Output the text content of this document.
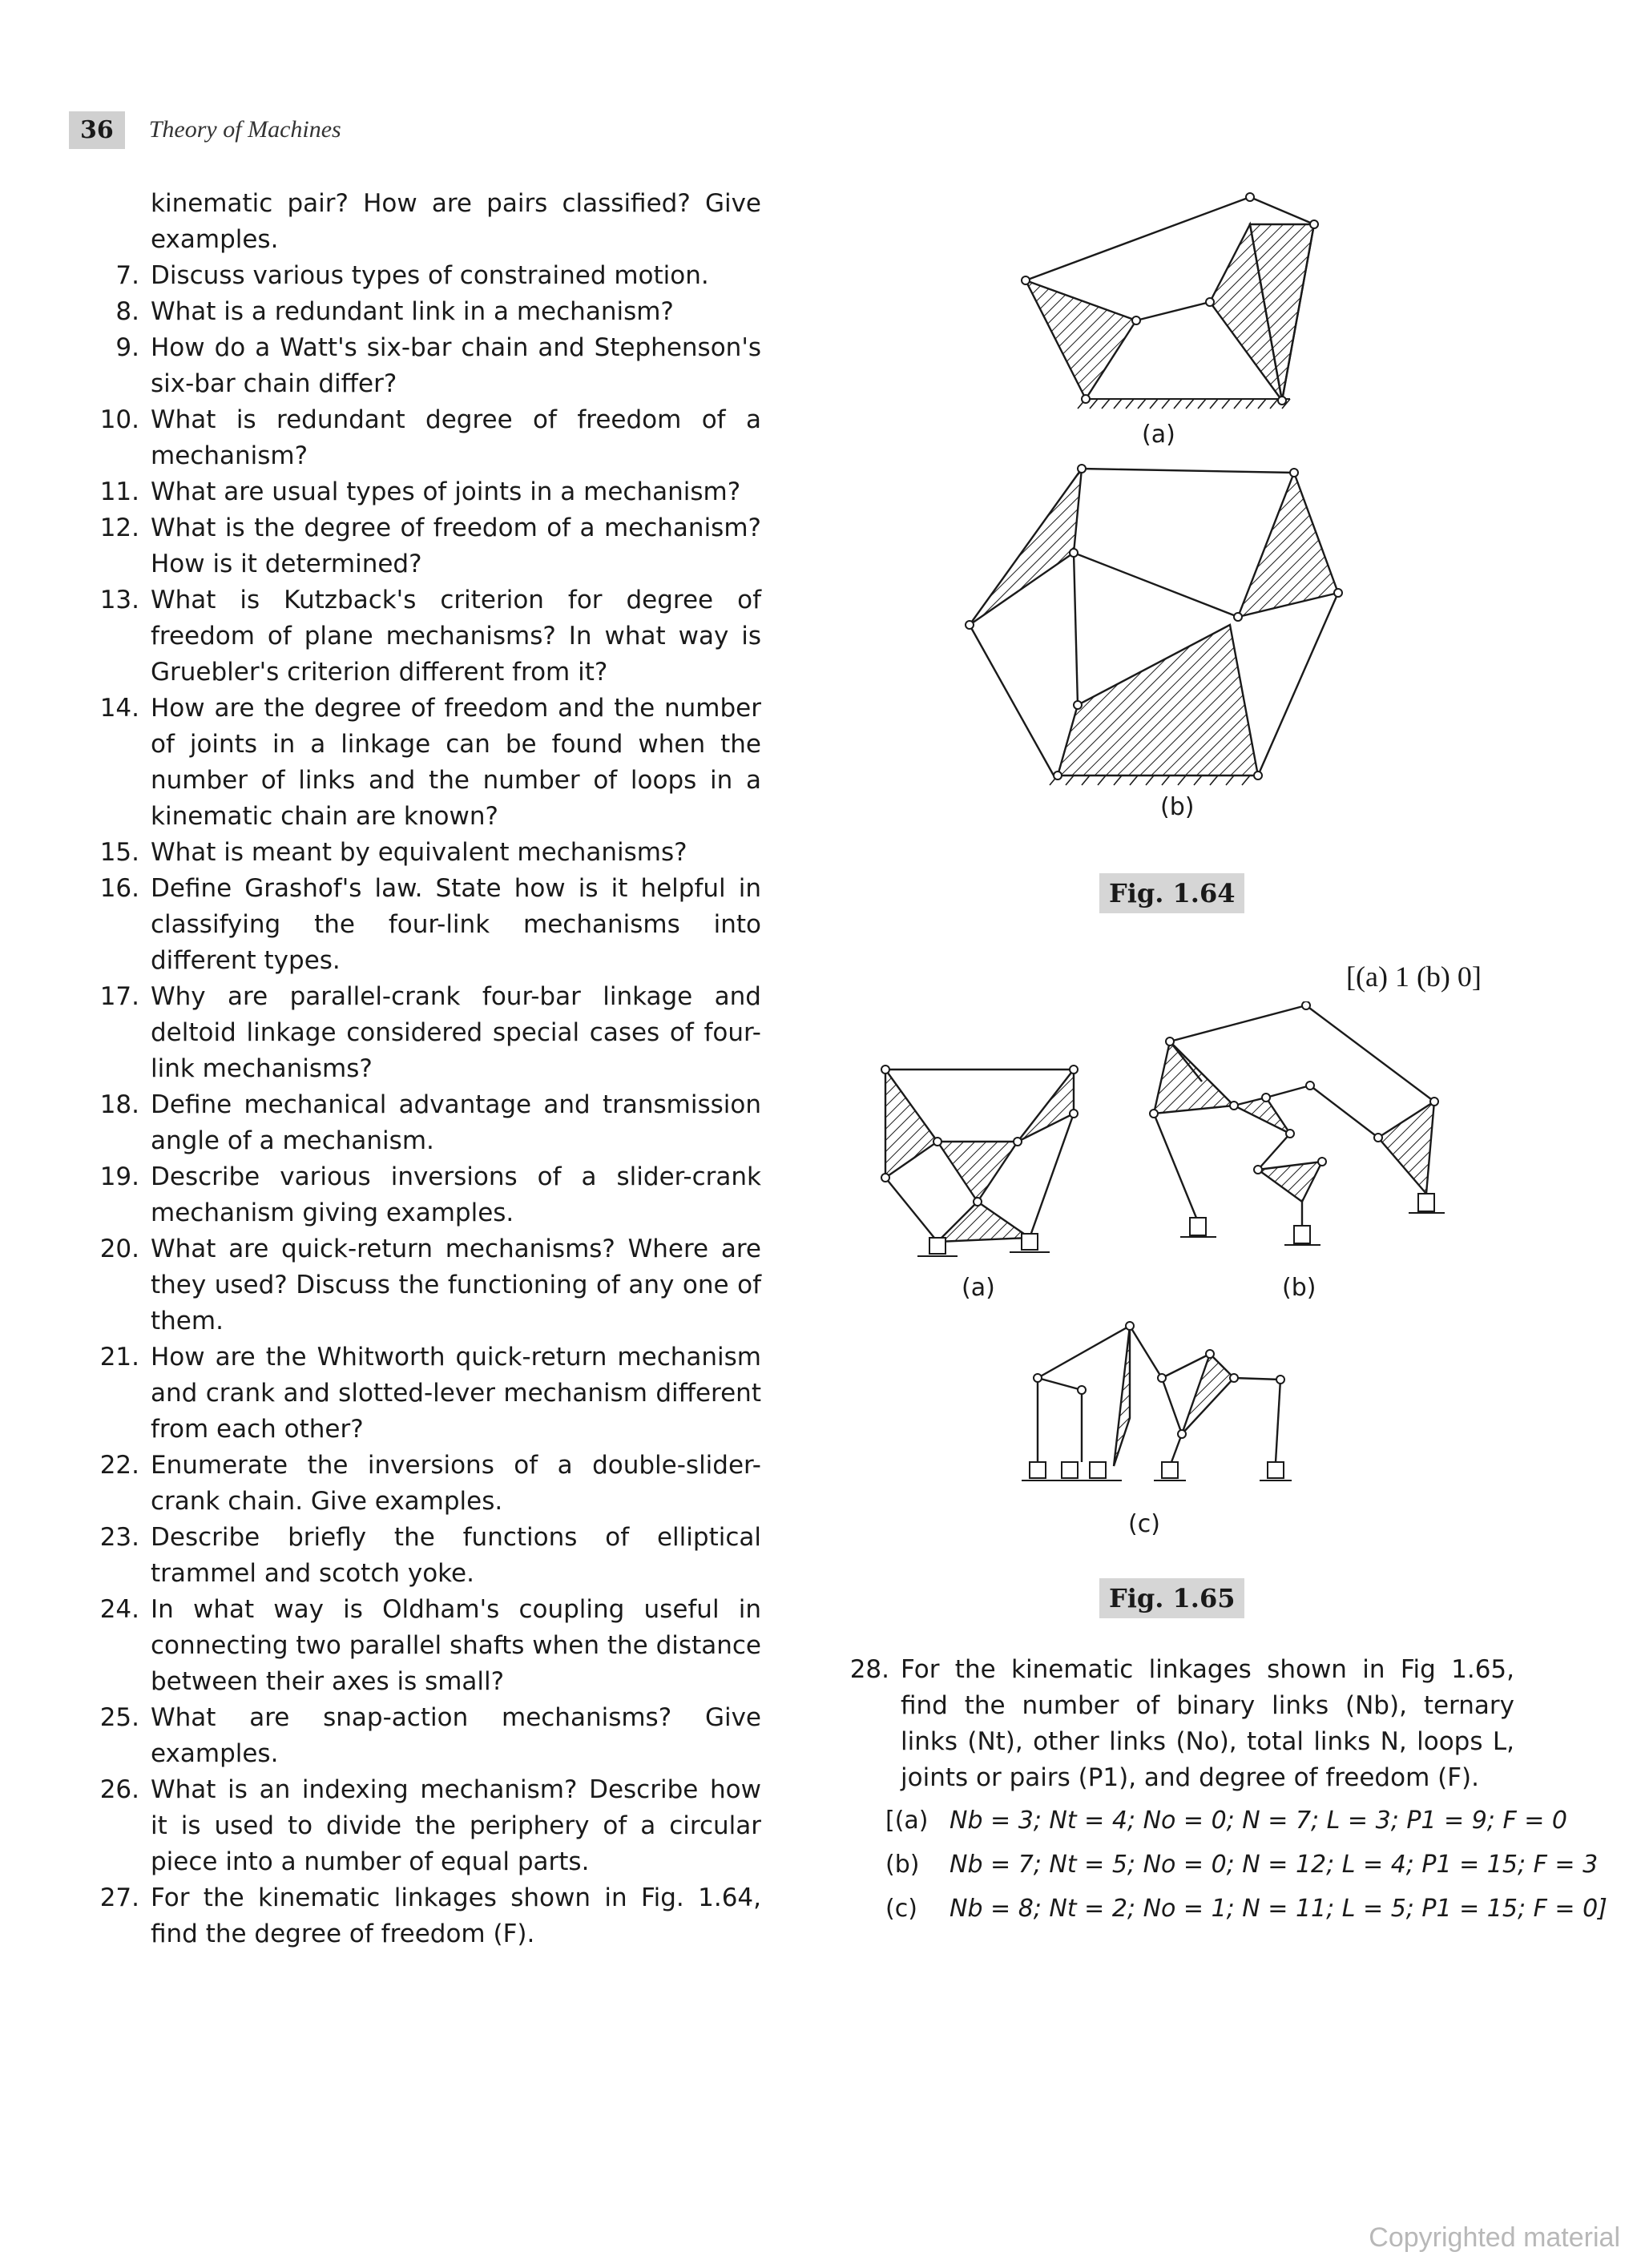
36	Theory of Machines
kinematic pair? How are pairs classified? Give examples.
7. Discuss various types of constrained motion.
8. What is a redundant link in a mechanism?
9. How do a Watt's six-bar chain and Stephenson's six-bar chain differ?
10. What is redundant degree of freedom of a mechanism?
11. What are usual types of joints in a mechanism?
12. What is the degree of freedom of a mechanism? How is it determined?
13. What is Kutzback's criterion for degree of freedom of plane mechanisms? In what way is Gruebler's criterion different from it?
14. How are the degree of freedom and the number of joints in a linkage can be found when the number of links and the number of loops in a kinematic chain are known?
15. What is meant by equivalent mechanisms?
16. Define Grashof's law. State how is it helpful in classifying the four-link mechanisms into different types.
17. Why are parallel-crank four-bar linkage and deltoid linkage considered special cases of four-link mechanisms?
18. Define mechanical advantage and transmission angle of a mechanism.
19. Describe various inversions of a slider-crank mechanism giving examples.
20. What are quick-return mechanisms? Where are they used? Discuss the functioning of any one of them.
21. How are the Whitworth quick-return mechanism and crank and slotted-lever mechanism different from each other?
22. Enumerate the inversions of a double-slider-crank chain. Give examples.
23. Describe briefly the functions of elliptical trammel and scotch yoke.
24. In what way is Oldham's coupling useful in connecting two parallel shafts when the distance between their axes is small?
25. What are snap-action mechanisms? Give examples.
26. What is an indexing mechanism? Describe how it is used to divide the periphery of a circular piece into a number of equal parts.
27. For the kinematic linkages shown in Fig. 1.64, find the degree of freedom (F).
(a)
(b)
Fig. 1.64
[(a) 1 (b) 0]
(a)	(b)
(c)
Fig. 1.65
28. For the kinematic linkages shown in Fig 1.65, find the number of binary links (Nb), ternary links (Nt), other links (No), total links N, loops L, joints or pairs (P1), and degree of freedom (F).
[(a) Nb = 3; Nt = 4; No = 0; N = 7; L = 3; P1 = 9; F = 0
(b) Nb = 7; Nt = 5; No = 0; N = 12; L = 4; P1 = 15; F = 3
(c) Nb = 8; Nt = 2; No = 1; N = 11; L = 5; P1 = 15; F = 0]
Copyrighted material
